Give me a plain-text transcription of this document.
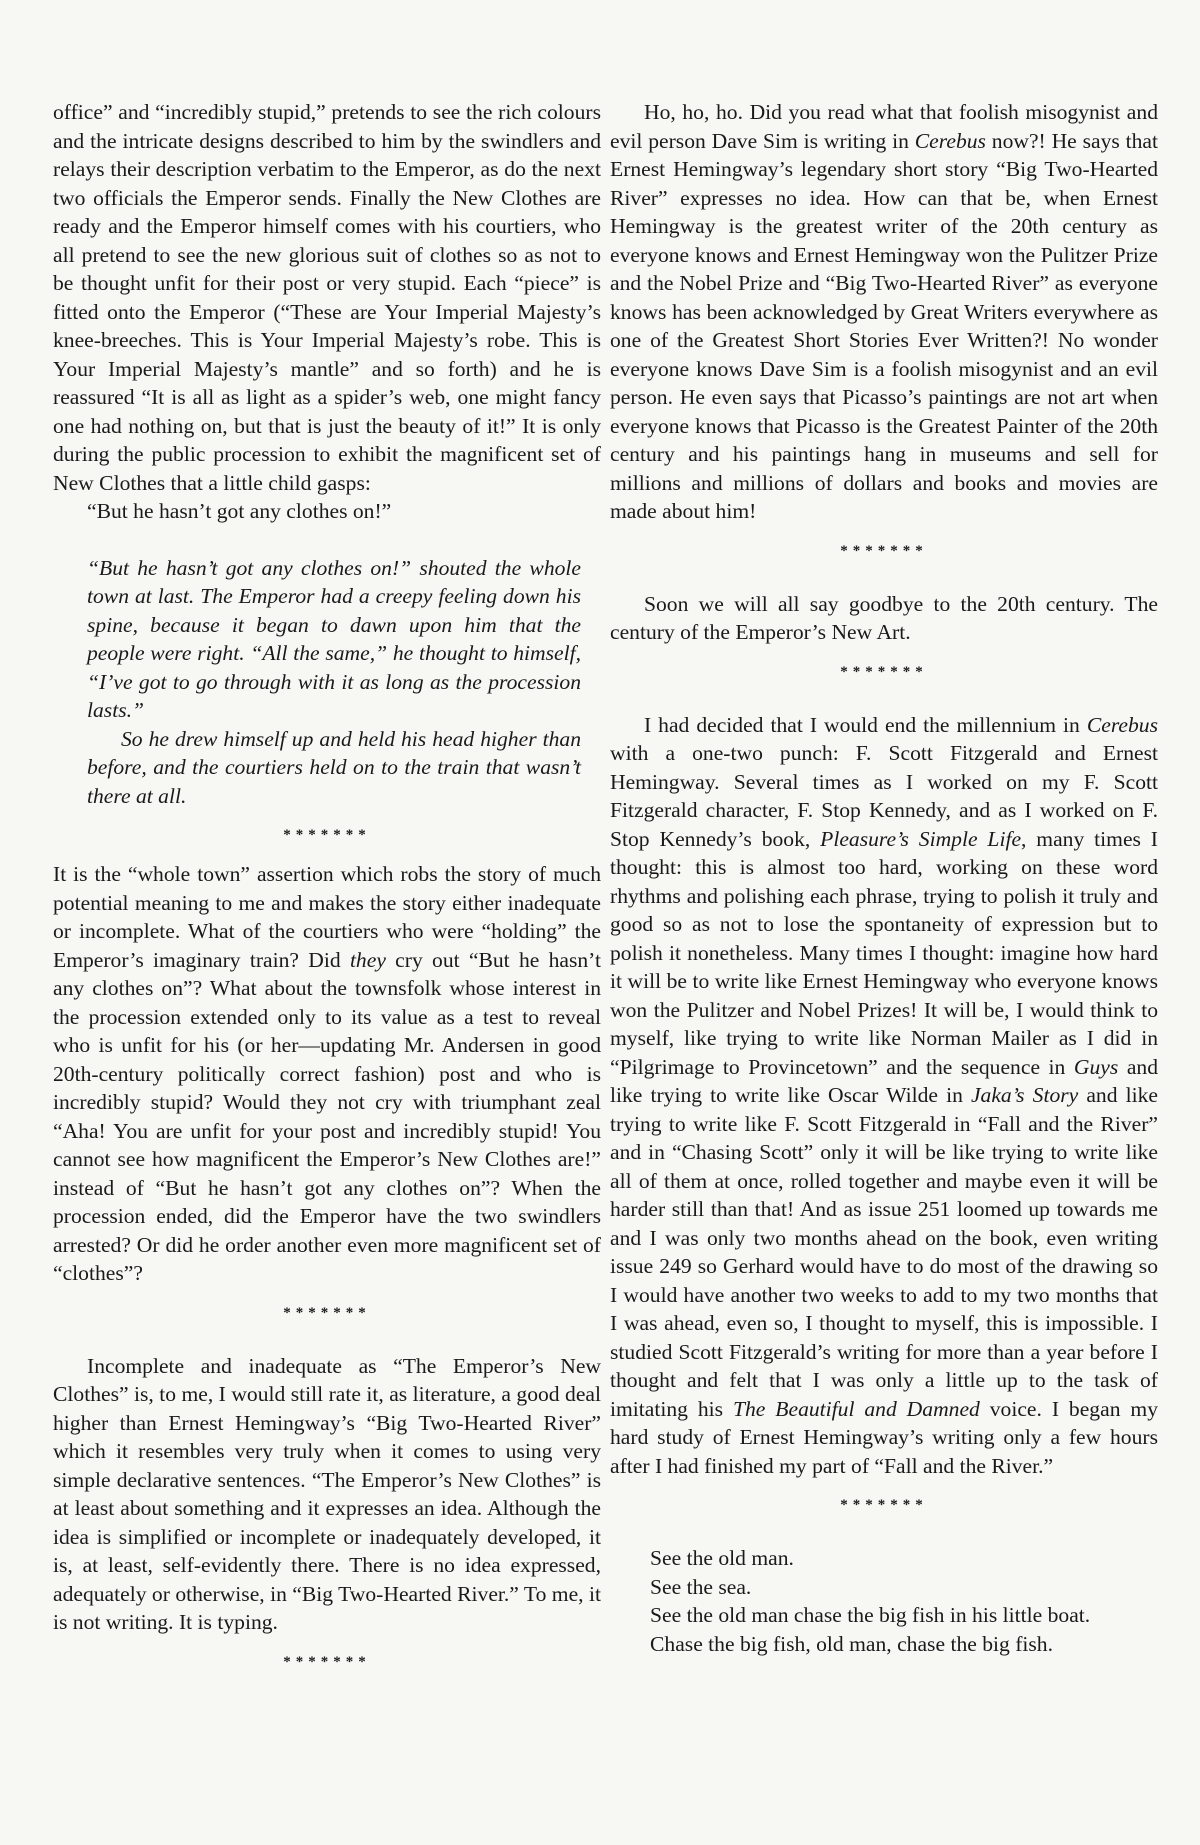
office” and “incredibly stupid,” pretends to see the rich colours and the intricate designs described to him by the swindlers and relays their description verbatim to the Emperor, as do the next two officials the Emperor sends. Finally the New Clothes are ready and the Emperor himself comes with his courtiers, who all pretend to see the new glorious suit of clothes so as not to be thought unfit for their post or very stupid. Each “piece” is fitted onto the Emperor (“These are Your Imperial Majesty’s knee-breeches. This is Your Imperial Majesty’s robe. This is Your Imperial Majesty’s mantle” and so forth) and he is reassured “It is all as light as a spider’s web, one might fancy one had nothing on, but that is just the beauty of it!” It is only during the public procession to exhibit the magnificent set of New Clothes that a little child gasps:

“But he hasn’t got any clothes on!”

“But he hasn’t got any clothes on!” shouted the whole town at last. The Emperor had a creepy feeling down his spine, because it began to dawn upon him that the people were right. “All the same,” he thought to himself, “I’ve got to go through with it as long as the procession lasts.”

So he drew himself up and held his head higher than before, and the courtiers held on to the train that wasn’t there at all.

*******

It is the “whole town” assertion which robs the story of much potential meaning to me and makes the story either inadequate or incomplete. What of the courtiers who were “holding” the Emperor’s imaginary train? Did they cry out “But he hasn’t any clothes on”? What about the townsfolk whose interest in the procession extended only to its value as a test to reveal who is unfit for his (or her—updating Mr. Andersen in good 20th-century politically correct fashion) post and who is incredibly stupid? Would they not cry with triumphant zeal “Aha! You are unfit for your post and incredibly stupid! You cannot see how magnificent the Emperor’s New Clothes are!” instead of “But he hasn’t got any clothes on”? When the procession ended, did the Emperor have the two swindlers arrested? Or did he order another even more magnificent set of “clothes”?

*******

Incomplete and inadequate as “The Emperor’s New Clothes” is, to me, I would still rate it, as literature, a good deal higher than Ernest Hemingway’s “Big Two-Hearted River” which it resembles very truly when it comes to using very simple declarative sentences. “The Emperor’s New Clothes” is at least about something and it expresses an idea. Although the idea is simplified or incomplete or inadequately developed, it is, at least, self-evidently there. There is no idea expressed, adequately or otherwise, in “Big Two-Hearted River.” To me, it is not writing. It is typing.

*******

Ho, ho, ho. Did you read what that foolish misogynist and evil person Dave Sim is writing in Cerebus now?! He says that Ernest Hemingway’s legendary short story “Big Two-Hearted River” expresses no idea. How can that be, when Ernest Hemingway is the greatest writer of the 20th century as everyone knows and Ernest Hemingway won the Pulitzer Prize and the Nobel Prize and “Big Two-Hearted River” as everyone knows has been acknowledged by Great Writers everywhere as one of the Greatest Short Stories Ever Written?! No wonder everyone knows Dave Sim is a foolish misogynist and an evil person. He even says that Picasso’s paintings are not art when everyone knows that Picasso is the Greatest Painter of the 20th century and his paintings hang in museums and sell for millions and millions of dollars and books and movies are made about him!

*******

Soon we will all say goodbye to the 20th century. The century of the Emperor’s New Art.

*******

I had decided that I would end the millennium in Cerebus with a one-two punch: F. Scott Fitzgerald and Ernest Hemingway. Several times as I worked on my F. Scott Fitzgerald character, F. Stop Kennedy, and as I worked on F. Stop Kennedy’s book, Pleasure’s Simple Life, many times I thought: this is almost too hard, working on these word rhythms and polishing each phrase, trying to polish it truly and good so as not to lose the spontaneity of expression but to polish it nonetheless. Many times I thought: imagine how hard it will be to write like Ernest Hemingway who everyone knows won the Pulitzer and Nobel Prizes! It will be, I would think to myself, like trying to write like Norman Mailer as I did in “Pilgrimage to Provincetown” and the sequence in Guys and like trying to write like Oscar Wilde in Jaka’s Story and like trying to write like F. Scott Fitzgerald in “Fall and the River” and in “Chasing Scott” only it will be like trying to write like all of them at once, rolled together and maybe even it will be harder still than that! And as issue 251 loomed up towards me and I was only two months ahead on the book, even writing issue 249 so Gerhard would have to do most of the drawing so I would have another two weeks to add to my two months that I was ahead, even so, I thought to myself, this is impossible. I studied Scott Fitzgerald’s writing for more than a year before I thought and felt that I was only a little up to the task of imitating his The Beautiful and Damned voice. I began my hard study of Ernest Hemingway’s writing only a few hours after I had finished my part of “Fall and the River.”

*******

See the old man.

See the sea.

See the old man chase the big fish in his little boat.

Chase the big fish, old man, chase the big fish.
